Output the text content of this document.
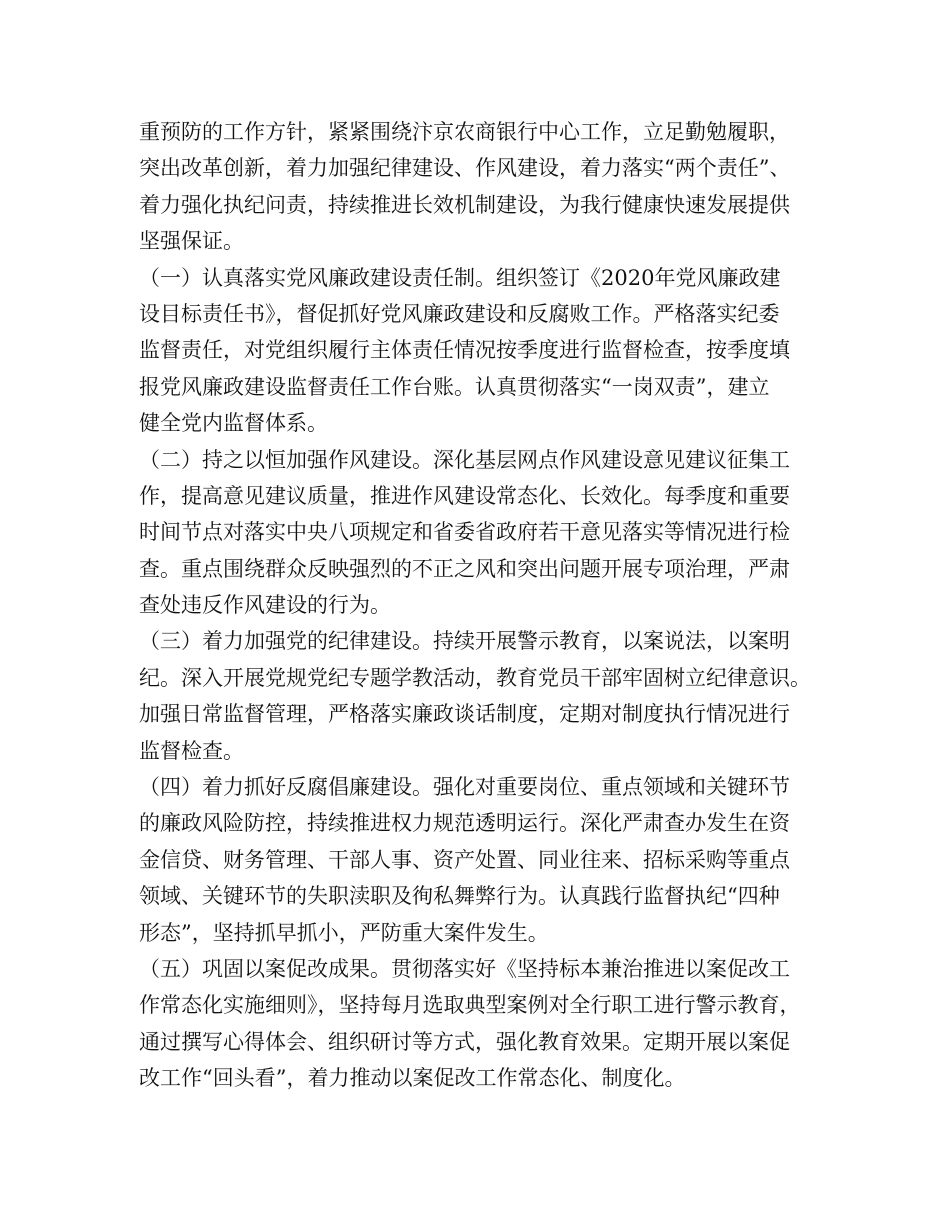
重预防的工作方针，紧紧围绕汴京农商银行中心工作，立足勤勉履职，
突出改革创新，着力加强纪律建设、作风建设，着力落实“两个责任”、
着力强化执纪问责，持续推进长效机制建设，为我行健康快速发展提供
坚强保证。
（一）认真落实党风廉政建设责任制。组织签订《2020年党风廉政建
设目标责任书》，督促抓好党风廉政建设和反腐败工作。严格落实纪委
监督责任，对党组织履行主体责任情况按季度进行监督检查，按季度填
报党风廉政建设监督责任工作台账。认真贯彻落实“一岗双责”，建立
健全党内监督体系。
（二）持之以恒加强作风建设。深化基层网点作风建设意见建议征集工
作，提高意见建议质量，推进作风建设常态化、长效化。每季度和重要
时间节点对落实中央八项规定和省委省政府若干意见落实等情况进行检
查。重点围绕群众反映强烈的不正之风和突出问题开展专项治理，严肃
查处违反作风建设的行为。
（三）着力加强党的纪律建设。持续开展警示教育，以案说法，以案明
纪。深入开展党规党纪专题学教活动，教育党员干部牢固树立纪律意识。
加强日常监督管理，严格落实廉政谈话制度，定期对制度执行情况进行
监督检查。
（四）着力抓好反腐倡廉建设。强化对重要岗位、重点领域和关键环节
的廉政风险防控，持续推进权力规范透明运行。深化严肃查办发生在资
金信贷、财务管理、干部人事、资产处置、同业往来、招标采购等重点
领域、关键环节的失职渎职及徇私舞弊行为。认真践行监督执纪“四种
形态”，坚持抓早抓小，严防重大案件发生。
（五）巩固以案促改成果。贯彻落实好《坚持标本兼治推进以案促改工
作常态化实施细则》，坚持每月选取典型案例对全行职工进行警示教育，
通过撰写心得体会、组织研讨等方式，强化教育效果。定期开展以案促
改工作“回头看”，着力推动以案促改工作常态化、制度化。
